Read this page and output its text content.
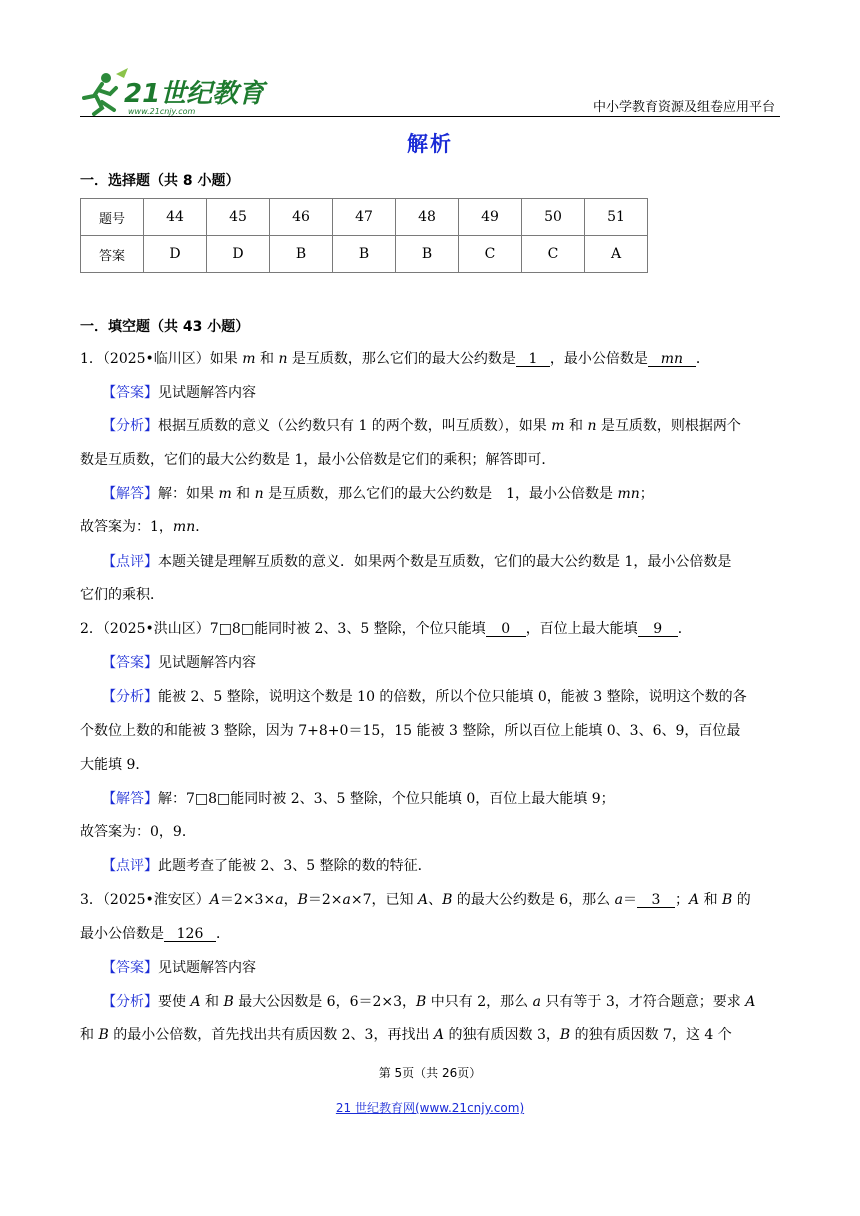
21世纪教育
www.21cnjy.com	中小学教育资源及组卷应用平台
解析
一．选择题（共 8 小题）
题号	44	45	46	47	48	49	50	51
答案	D	D	B	B	B	C	C	A
一．填空题（共 43 小题）
1．（2025•临川区）如果 m 和 n 是互质数，那么它们的最大公约数是 1 ，最小公倍数是 mn ．
【答案】见试题解答内容
【分析】根据互质数的意义（公约数只有 1 的两个数，叫互质数），如果 m 和 n 是互质数，则根据两个
数是互质数，它们的最大公约数是 1，最小公倍数是它们的乘积；解答即可．
【解答】解：如果 m 和 n 是互质数，那么它们的最大公约数是　1，最小公倍数是 mn；
故答案为：1，mn．
【点评】本题关键是理解互质数的意义．如果两个数是互质数，它们的最大公约数是 1，最小公倍数是
它们的乘积．
2．（2025•洪山区）7□8□能同时被 2、3、5 整除，个位只能填 0 ，百位上最大能填 9 ．
【答案】见试题解答内容
【分析】能被 2、5 整除，说明这个数是 10 的倍数，所以个位只能填 0，能被 3 整除，说明这个数的各
个数位上数的和能被 3 整除，因为 7+8+0＝15，15 能被 3 整除，所以百位上能填 0、3、6、9，百位最
大能填 9．
【解答】解：7□8□能同时被 2、3、5 整除，个位只能填 0，百位上最大能填 9；
故答案为：0，9．
【点评】此题考查了能被 2、3、5 整除的数的特征．
3．（2025•淮安区）A＝2×3×a，B＝2×a×7，已知 A、B 的最大公约数是 6，那么 a＝ 3 ；A 和 B 的
最小公倍数是 126 ．
【答案】见试题解答内容
【分析】要使 A 和 B 最大公因数是 6，6＝2×3，B 中只有 2，那么 a 只有等于 3，才符合题意；要求 A
和 B 的最小公倍数，首先找出共有质因数 2、3，再找出 A 的独有质因数 3，B 的独有质因数 7，这 4 个
第 5页（共 26页）
21 世纪教育网(www.21cnjy.com)
